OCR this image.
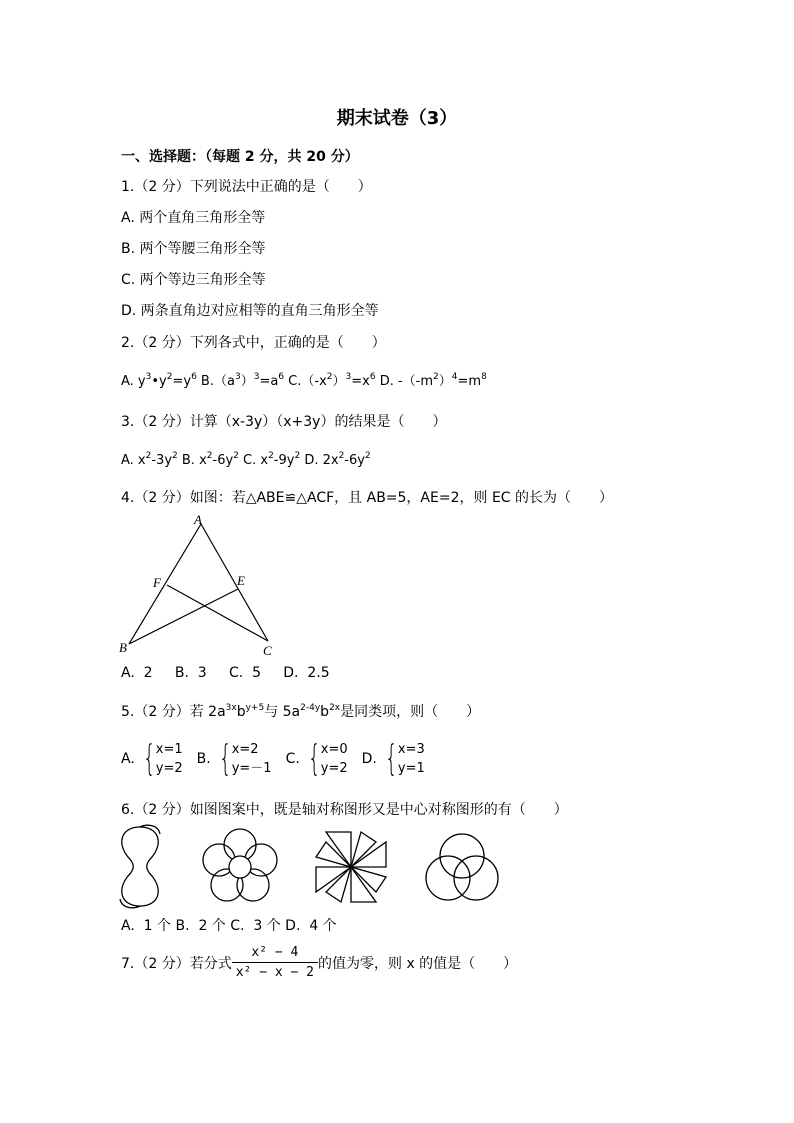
期末试卷（3）
一、选择题：（每题 2 分，共 20 分）
1.（2 分）下列说法中正确的是（　　）
A. 两个直角三角形全等
B. 两个等腰三角形全等
C. 两个等边三角形全等
D. 两条直角边对应相等的直角三角形全等
2.（2 分）下列各式中，正确的是（　　）
A. $y^3•y^2=y^6$ $B.(a^3)^3=a^6$ $C.(-x^2)^3=x^6$ D. $-(-m^2)^4=m^8$
3.（2 分）计算（x-3y）（x+3y）的结果是（　　）
A. $x^2-3y^2$ B. $x^2-6y^2$ C. $x^2-9y^2$ D. $2x^2-6y^2$
4.（2 分）如图：若△ABE≌△ACF，且 AB=5，AE=2，则 EC 的长为（　　）
A
B	C
E
F
A.  2     B.  3     C.  5     D.  2.5
5.（2 分）若 $2a^{3x}b^{y+5}$与 $5a^{2-4y}b^{2x}$是同类项，则（　　）
A. { x=1
y=2
B. { x=2
y=－1
C. { x=0
y=2
D. { x=3
y=1
6.（2 分）如图图案中，既是轴对称图形又是中心对称图形的有（　　）
A.  1 个 B.  2 个 C.  3 个 D.  4 个
7.（2 分）若分式 $\frac{\text{x² − 4}}{\text{x² − x − 2}}$ 的值为零，则 x 的值是（　　）
